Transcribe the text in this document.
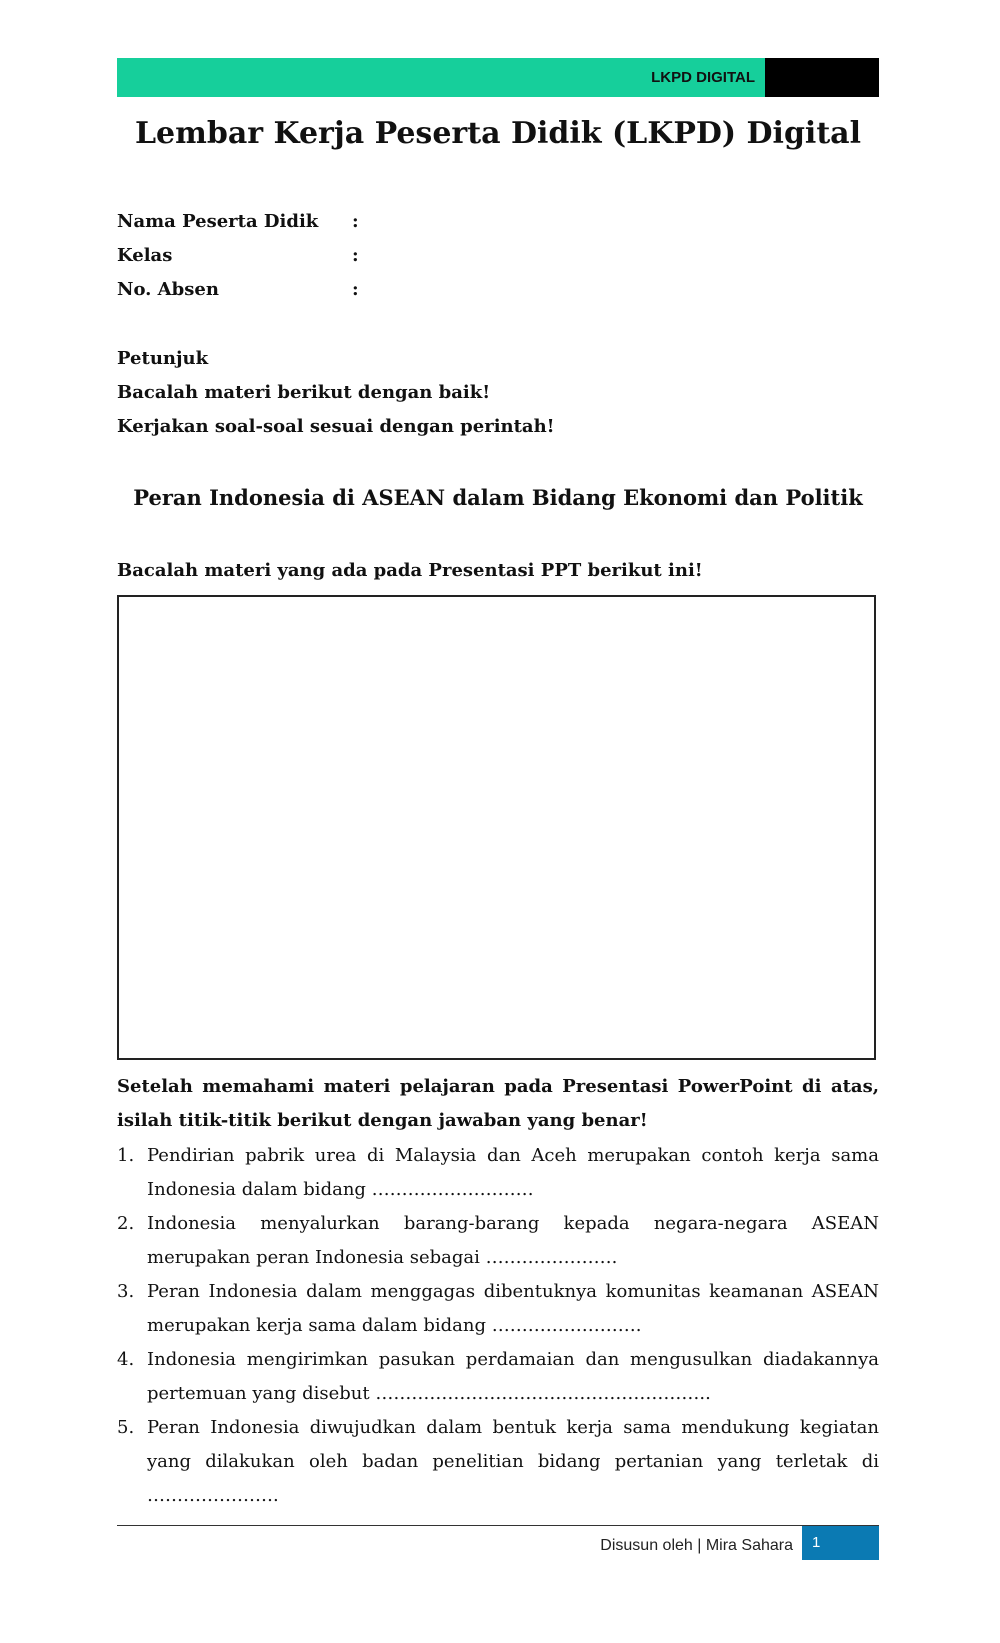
LKPD DIGITAL
Lembar Kerja Peserta Didik (LKPD) Digital
Nama Peserta Didik :
Kelas	:
No. Absen	:
Petunjuk
Bacalah materi berikut dengan baik!
Kerjakan soal-soal sesuai dengan perintah!
Peran Indonesia di ASEAN dalam Bidang Ekonomi dan Politik
Bacalah materi yang ada pada Presentasi PPT berikut ini!
Setelah memahami materi pelajaran pada Presentasi PowerPoint di atas, isilah titik-titik berikut dengan jawaban yang benar!
1. Pendirian pabrik urea di Malaysia dan Aceh merupakan contoh kerja sama Indonesia dalam bidang ………………………
2. Indonesia menyalurkan barang-barang kepada negara-negara ASEAN merupakan peran Indonesia sebagai ………………….
3. Peran Indonesia dalam menggagas dibentuknya komunitas keamanan ASEAN merupakan kerja sama dalam bidang …………………….
4. Indonesia mengirimkan pasukan perdamaian dan mengusulkan diadakannya pertemuan yang disebut ………………………………………………..
5. Peran Indonesia diwujudkan dalam bentuk kerja sama mendukung kegiatan yang dilakukan oleh badan penelitian bidang pertanian yang terletak di ………………….
Disusun oleh | Mira Sahara	1
